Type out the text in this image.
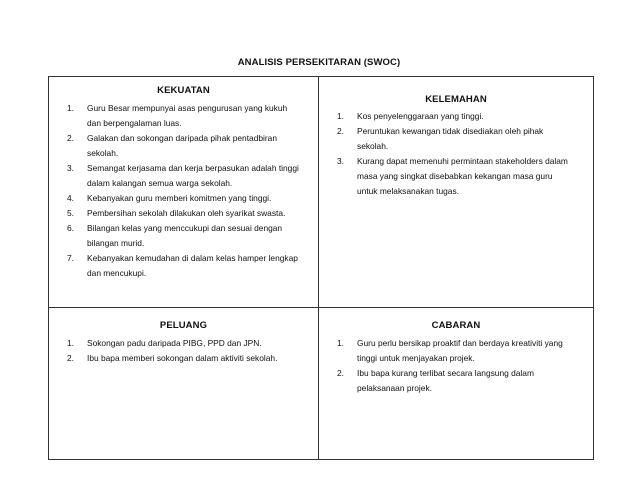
ANALISIS PERSEKITARAN (SWOC)
KEKUATAN
1. Guru Besar mempunyai asas pengurusan yang kukuh
dan berpengalaman luas.
2. Galakan dan sokongan daripada pihak pentadbiran
sekolah.
3. Semangat kerjasama dan kerja berpasukan adalah tinggi
dalam kalangan semua warga sekolah.
4. Kebanyakan guru memberi komitmen yang tinggi.
5. Pembersihan sekolah dilakukan oleh syarikat swasta.
6. Bilangan kelas yang menccukupi dan sesuai dengan
bilangan murid.
7. Kebanyakan kemudahan di dalam kelas hamper lengkap
dan mencukupi.
KELEMAHAN
1. Kos penyelenggaraan yang tinggi.
2. Peruntukan kewangan tidak disediakan oleh pihak
sekolah.
3. Kurang dapat memenuhi permintaan stakeholders dalam
masa yang singkat disebabkan kekangan masa guru
untuk melaksanakan tugas.
PELUANG
1. Sokongan padu daripada PIBG, PPD dan JPN.
2. Ibu bapa memberi sokongan dalam aktiviti sekolah.
CABARAN
1. Guru perlu bersikap proaktif dan berdaya kreativiti yang
tinggi untuk menjayakan projek.
2. Ibu bapa kurang terlibat secara langsung dalam
pelaksanaan projek.
